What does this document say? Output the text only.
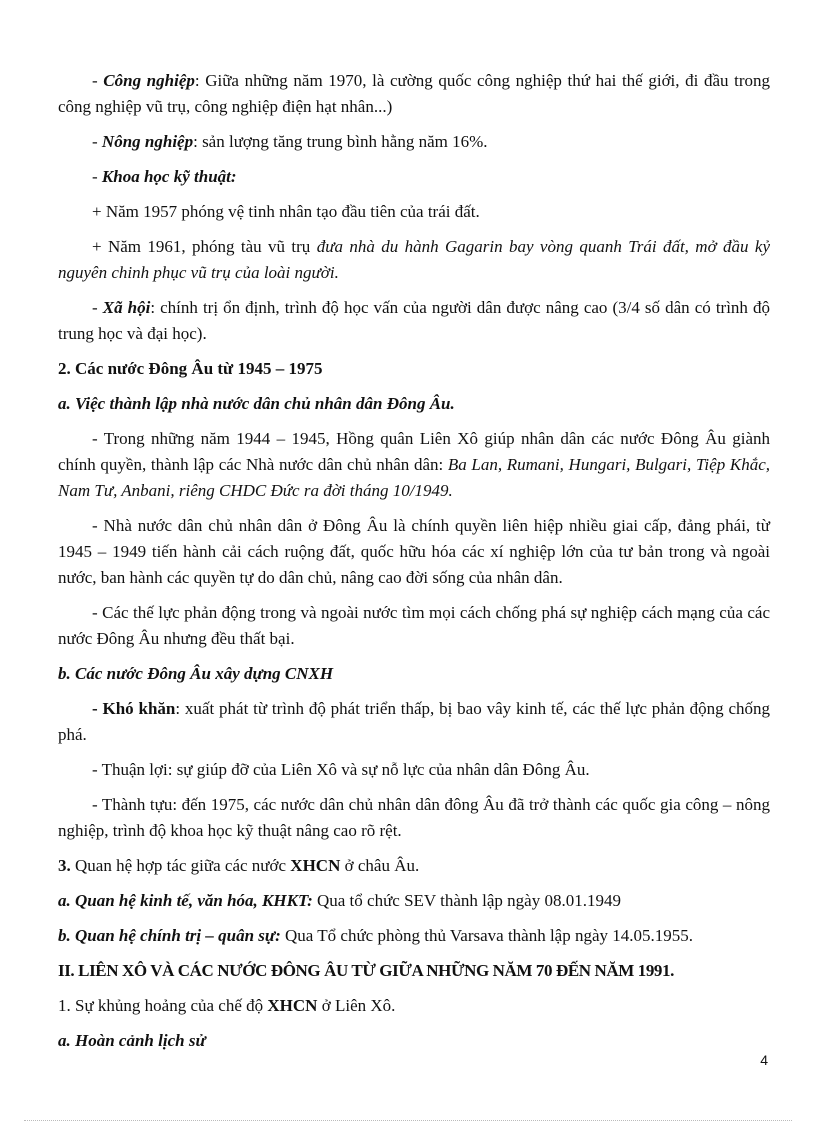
- Công nghiệp: Giữa những năm 1970, là cường quốc công nghiệp thứ hai thế giới, đi đầu trong công nghiệp vũ trụ, công nghiệp điện hạt nhân...)

- Nông nghiệp: sản lượng tăng trung bình hằng năm 16%.

- Khoa học kỹ thuật:

+ Năm 1957 phóng vệ tinh nhân tạo đầu tiên của trái đất.

+ Năm 1961, phóng tàu vũ trụ đưa nhà du hành Gagarin bay vòng quanh Trái đất, mở đầu kỷ nguyên chinh phục vũ trụ của loài người.

- Xã hội: chính trị ổn định, trình độ học vấn của người dân được nâng cao (3/4 số dân có trình độ trung học và đại học).

2. Các nước Đông Âu từ 1945 – 1975

a. Việc thành lập nhà nước dân chủ nhân dân Đông Âu.

- Trong những năm 1944 – 1945, Hồng quân Liên Xô giúp nhân dân các nước Đông Âu giành chính quyền, thành lập các Nhà nước dân chủ nhân dân: Ba Lan, Rumani, Hungari, Bulgari, Tiệp Khắc, Nam Tư, Anbani, riêng CHDC Đức ra đời tháng 10/1949.

- Nhà nước dân chủ nhân dân ở Đông Âu là chính quyền liên hiệp nhiều giai cấp, đảng phái, từ 1945 – 1949 tiến hành cải cách ruộng đất, quốc hữu hóa các xí nghiệp lớn của tư bản trong và ngoài nước, ban hành các quyền tự do dân chủ, nâng cao đời sống của nhân dân.

- Các thế lực phản động trong và ngoài nước tìm mọi cách chống phá sự nghiệp cách mạng của các nước Đông Âu nhưng đều thất bại.

b. Các nước Đông Âu xây dựng CNXH

- Khó khăn: xuất phát từ trình độ phát triển thấp, bị bao vây kinh tế, các thế lực phản động chống phá.

- Thuận lợi: sự giúp đỡ của Liên Xô và sự nỗ lực của nhân dân Đông Âu.

- Thành tựu: đến 1975, các nước dân chủ nhân dân đông Âu đã trở thành các quốc gia công – nông nghiệp, trình độ khoa học kỹ thuật nâng cao rõ rệt.

3. Quan hệ hợp tác giữa các nước XHCN ở châu Âu.

a. Quan hệ kinh tế, văn hóa, KHKT: Qua tổ chức SEV thành lập ngày 08.01.1949

b. Quan hệ chính trị – quân sự: Qua Tổ chức phòng thủ Varsava thành lập ngày 14.05.1955.

II. LIÊN XÔ VÀ CÁC NƯỚC ĐÔNG ÂU TỪ GIỮA NHỮNG NĂM 70 ĐẾN NĂM 1991.

1. Sự khủng hoảng của chế độ XHCN ở Liên Xô.

a. Hoàn cảnh lịch sử

4
